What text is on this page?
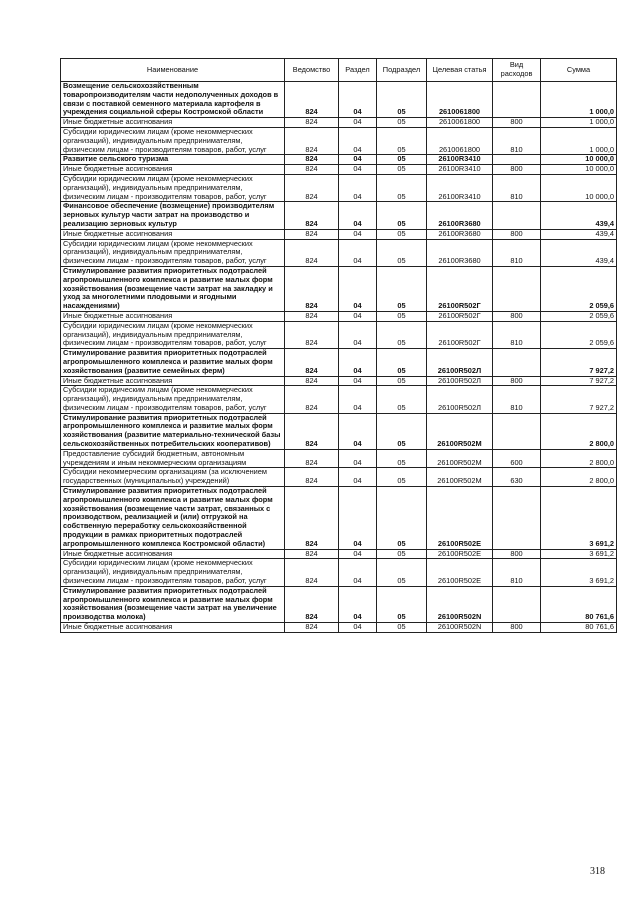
Наименование	Ведомство	Раздел	Подраздел	Целевая статья	Вид расходов	Сумма
Возмещение сельскохозяйственным товаропроизводителям части недополученных доходов в связи с поставкой семенного материала картофеля в учреждения социальной сферы Костромской области	824	04	05	2610061800		1 000,0
Иные бюджетные ассигнования	824	04	05	2610061800	800	1 000,0
Субсидии юридическим лицам (кроме некоммерческих организаций), индивидуальным предпринимателям, физическим лицам - производителям товаров, работ, услуг	824	04	05	2610061800	810	1 000,0
Развитие сельского туризма	824	04	05	26100R3410		10 000,0
Иные бюджетные ассигнования	824	04	05	26100R3410	800	10 000,0
Субсидии юридическим лицам (кроме некоммерческих организаций), индивидуальным предпринимателям, физическим лицам - производителям товаров, работ, услуг	824	04	05	26100R3410	810	10 000,0
Финансовое обеспечение (возмещение) производителям зерновых культур части затрат на производство и реализацию зерновых культур	824	04	05	26100R3680		439,4
Иные бюджетные ассигнования	824	04	05	26100R3680	800	439,4
Субсидии юридическим лицам (кроме некоммерческих организаций), индивидуальным предпринимателям, физическим лицам - производителям товаров, работ, услуг	824	04	05	26100R3680	810	439,4
Стимулирование развития приоритетных подотраслей агропромышленного комплекса и развитие малых форм хозяйствования (возмещение части затрат на закладку и уход за многолетними плодовыми и ягодными насаждениями)	824	04	05	26100R502Г		2 059,6
Иные бюджетные ассигнования	824	04	05	26100R502Г	800	2 059,6
Субсидии юридическим лицам (кроме некоммерческих организаций), индивидуальным предпринимателям, физическим лицам - производителям товаров, работ, услуг	824	04	05	26100R502Г	810	2 059,6
Стимулирование развития приоритетных подотраслей агропромышленного комплекса и развитие малых форм хозяйствования (развитие семейных ферм)	824	04	05	26100R502Л		7 927,2
Иные бюджетные ассигнования	824	04	05	26100R502Л	800	7 927,2
Субсидии юридическим лицам (кроме некоммерческих организаций), индивидуальным предпринимателям, физическим лицам - производителям товаров, работ, услуг	824	04	05	26100R502Л	810	7 927,2
Стимулирование развития приоритетных подотраслей агропромышленного комплекса и развитие малых форм хозяйствования (развитие материально-технической базы сельскохозяйственных потребительских кооперативов)	824	04	05	26100R502M		2 800,0
Предоставление субсидий бюджетным, автономным учреждениям и иным некоммерческим организациям	824	04	05	26100R502M	600	2 800,0
Субсидии некоммерческим организациям (за исключением государственных (муниципальных) учреждений)	824	04	05	26100R502M	630	2 800,0
Стимулирование развития приоритетных подотраслей агропромышленного комплекса и развитие малых форм хозяйствования (возмещение части затрат, связанных с производством, реализацией и (или) отгрузкой на собственную переработку сельскохозяйственной продукции в рамках приоритетных подотраслей агропромышленного комплекса Костромской области)	824	04	05	26100R502E		3 691,2
Иные бюджетные ассигнования	824	04	05	26100R502E	800	3 691,2
Субсидии юридическим лицам (кроме некоммерческих организаций), индивидуальным предпринимателям, физическим лицам - производителям товаров, работ, услуг	824	04	05	26100R502E	810	3 691,2
Стимулирование развития приоритетных подотраслей агропромышленного комплекса и развитие малых форм хозяйствования (возмещение части затрат на увеличение производства молока)	824	04	05	26100R502N		80 761,6
Иные бюджетные ассигнования	824	04	05	26100R502N	800	80 761,6
318
